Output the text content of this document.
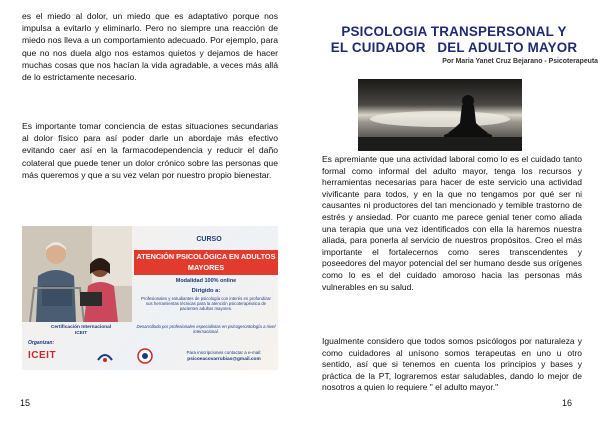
es el miedo al dolor, un miedo que es adaptativo porque nos impulsa a evitarlo y eliminarlo. Pero no siempre una reacción de miedo nos lleva a un comportamiento adecuado. Por ejemplo, para que no nos duela algo nos estamos quietos y dejamos de hacer muchas cosas que nos hacían la vida agradable, a veces más allá de lo estrictamente necesario.

Es importante tomar conciencia de estas situaciones secundarias al dolor físico para así poder darle un abordaje más efectivo evitando caer así en la farmacodependencia y reducir el daño colateral que puede tener un dolor crónico sobre las personas que más queremos y que a su vez velan por nuestro propio bienestar.

CURSO
ATENCIÓN PSICOLÓGICA EN ADULTOS MAYORES
Modalidad 100% online
Dirigido a:
Profesionales y estudiantes de psicología con interés en profundizar sus herramientas técnicas para la atención psicoterapéutica de pacientes adultos mayores.
Desarrollado por profesionales especialistas en psicogerontología a nivel internacional.
Certificación Internacional
ICEIT
Organizan:
ICEIT	Para inscripciones contactar a e-mail:
psicoeacovarrubias@gmail.com
15
PSICOLOGIA TRANSPERSONAL Y
EL CUIDADOR   DEL ADULTO MAYOR
Por Maria Yanet Cruz Bejarano - Psicoterapeuta

Es apremiante que una actividad laboral como lo es el cuidado tanto formal como informal del adulto mayor, tenga los recursos y herramientas necesarias para hacer de este servicio una actividad vivificante para todos, y en la que no tengamos por qué ser ni causantes ni productores del tan mencionado y temible trastorno de estrés y ansiedad. Por cuanto me parece genial tener como aliada una terapia que una vez identificados con ella la haremos nuestra aliada, para ponerla al servicio de nuestros propósitos. Creo el más importante el fortalecernos como seres transcendentes y poseedores del mayor potencial del ser humano desde sus orígenes como lo es el del cuidado amoroso hacia las personas más vulnerables en su salud.

Igualmente considero que todos somos psicólogos por naturaleza y como cuidadores al unísono somos terapeutas en uno u otro sentido, así que si tenemos en cuenta los principios y bases y práctica de la PT, lograremos estar saludables, dando lo mejor de nosotros a quien lo requiere " el adulto mayor."

16
